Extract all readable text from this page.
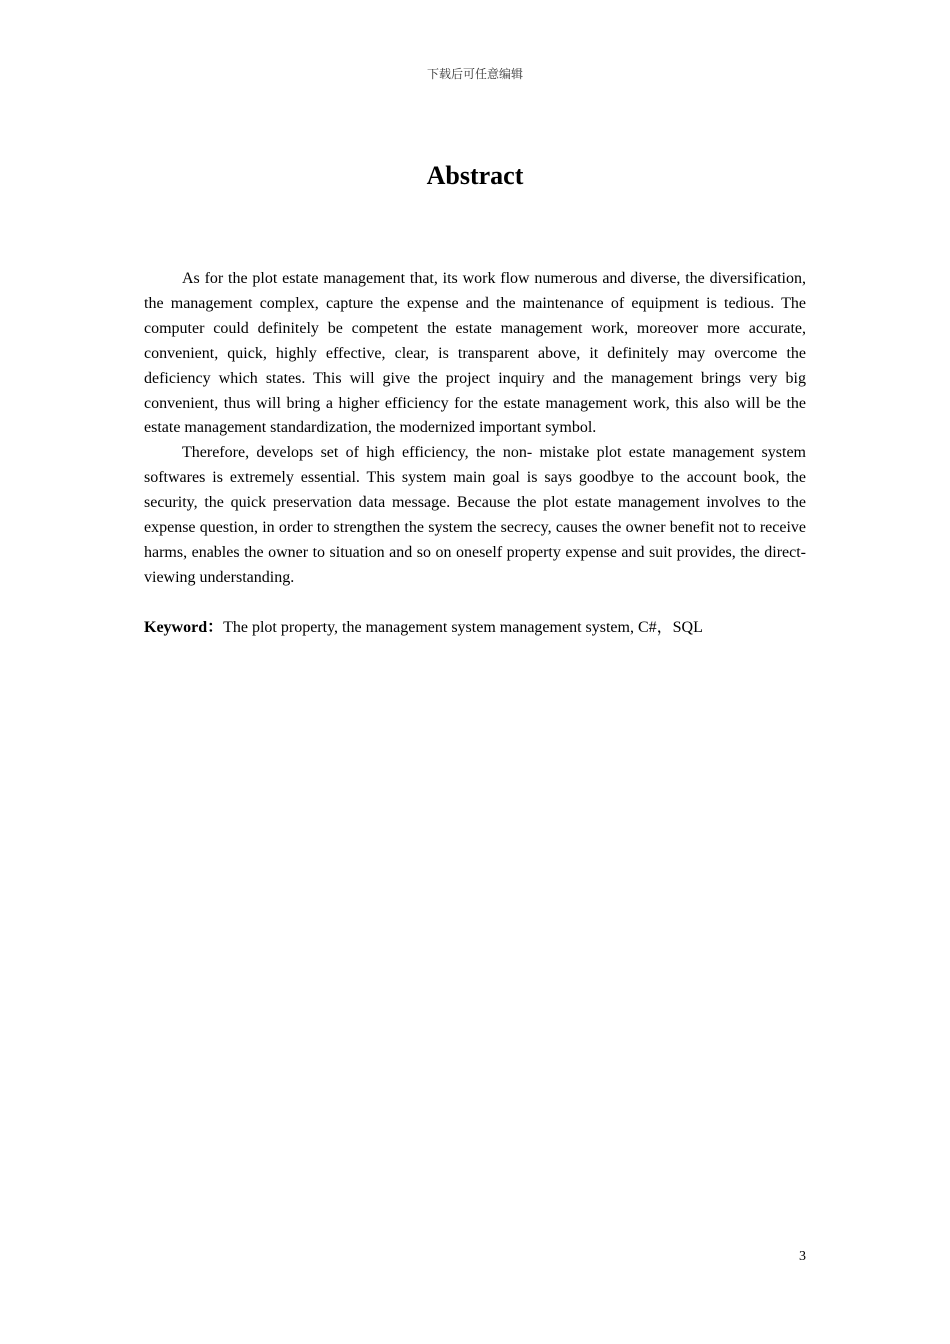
下载后可任意编辑
Abstract

As for the plot estate management that, its work flow numerous and diverse, the diversification, the management complex, capture the expense and the maintenance of equipment is tedious. The computer could definitely be competent the estate management work, moreover more accurate, convenient, quick, highly effective, clear, is transparent above, it definitely may overcome the deficiency which states. This will give the project inquiry and the management brings very big convenient, thus will bring a higher efficiency for the estate management work, this also will be the estate management standardization, the modernized important symbol.

Therefore, develops set of high efficiency, the non- mistake plot estate management system softwares is extremely essential. This system main goal is says goodbye to the account book, the security, the quick preservation data message. Because the plot estate management involves to the expense question, in order to strengthen the system the secrecy, causes the owner benefit not to receive harms, enables the owner to situation and so on oneself property expense and suit provides, the direct-viewing understanding.

Keyword：The plot property, the management system management system, C#，SQL
3
